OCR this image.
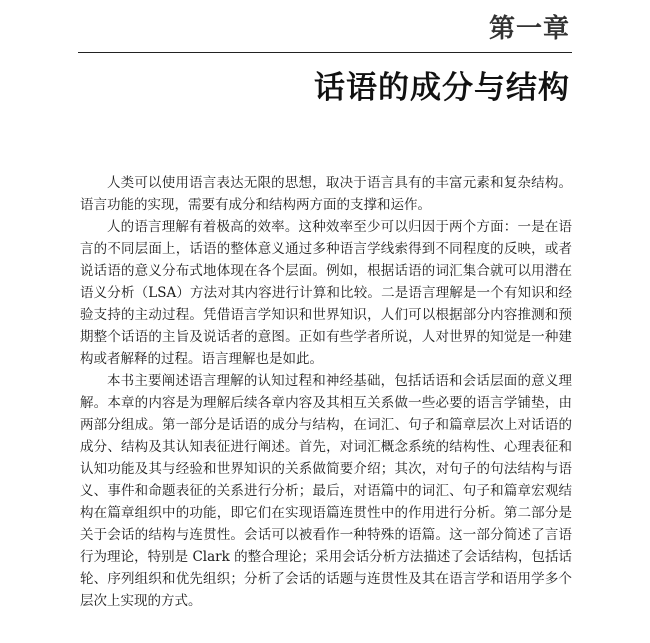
第一章
话语的成分与结构

人类可以使用语言表达无限的思想，取决于语言具有的丰富元素和复杂结构。语言功能的实现，需要有成分和结构两方面的支撑和运作。

人的语言理解有着极高的效率。这种效率至少可以归因于两个方面：一是在语言的不同层面上，话语的整体意义通过多种语言学线索得到不同程度的反映，或者说话语的意义分布式地体现在各个层面。例如，根据话语的词汇集合就可以用潜在语义分析（LSA）方法对其内容进行计算和比较。二是语言理解是一个有知识和经验支持的主动过程。凭借语言学知识和世界知识，人们可以根据部分内容推测和预期整个话语的主旨及说话者的意图。正如有些学者所说，人对世界的知觉是一种建构或者解释的过程。语言理解也是如此。

本书主要阐述语言理解的认知过程和神经基础，包括话语和会话层面的意义理解。本章的内容是为理解后续各章内容及其相互关系做一些必要的语言学铺垫，由两部分组成。第一部分是话语的成分与结构，在词汇、句子和篇章层次上对话语的成分、结构及其认知表征进行阐述。首先，对词汇概念系统的结构性、心理表征和认知功能及其与经验和世界知识的关系做简要介绍；其次，对句子的句法结构与语义、事件和命题表征的关系进行分析；最后，对语篇中的词汇、句子和篇章宏观结构在篇章组织中的功能，即它们在实现语篇连贯性中的作用进行分析。第二部分是关于会话的结构与连贯性。会话可以被看作一种特殊的语篇。这一部分简述了言语行为理论，特别是 Clark 的整合理论；采用会话分析方法描述了会话结构，包括话轮、序列组织和优先组织；分析了会话的话题与连贯性及其在语言学和语用学多个层次上实现的方式。
